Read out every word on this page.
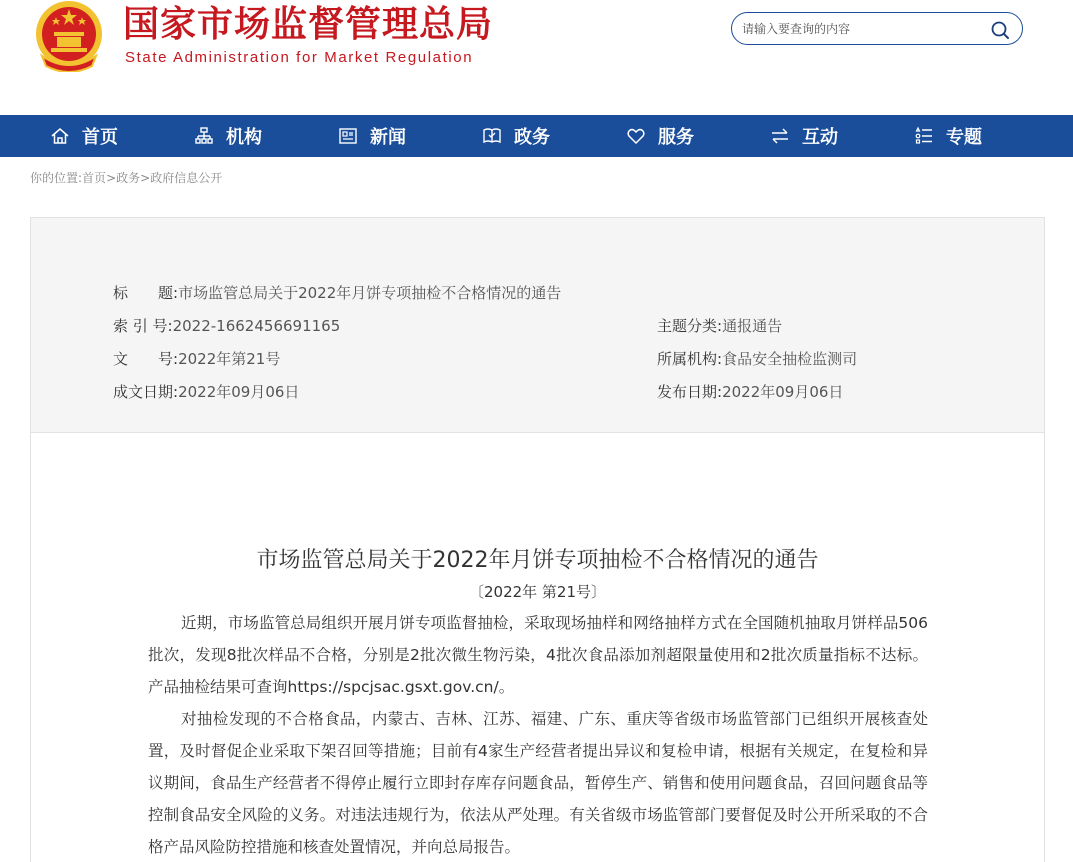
国家市场监督管理总局
State Administration for Market Regulation
请输入要查询的内容
首页	机构	新闻	政务	服务	互动	专题
你的位置:首页>政务>政府信息公开
标　　题:市场监管总局关于2022年月饼专项抽检不合格情况的通告
索 引 号:2022-1662456691165
文　　号:2022年第21号
成文日期:2022年09月06日
主题分类:通报通告
所属机构:食品安全抽检监测司
发布日期:2022年09月06日
市场监管总局关于2022年月饼专项抽检不合格情况的通告
〔2022年 第21号〕

近期，市场监管总局组织开展月饼专项监督抽检，采取现场抽样和网络抽样方式在全国随机抽取月饼样品506批次，发现8批次样品不合格，分别是2批次微生物污染，4批次食品添加剂超限量使用和2批次质量指标不达标。产品抽检结果可查询https://spcjsac.gsxt.gov.cn/。

对抽检发现的不合格食品，内蒙古、吉林、江苏、福建、广东、重庆等省级市场监管部门已组织开展核查处置，及时督促企业采取下架召回等措施；目前有4家生产经营者提出异议和复检申请，根据有关规定，在复检和异议期间，食品生产经营者不得停止履行立即封存库存问题食品，暂停生产、销售和使用问题食品，召回问题食品等控制食品安全风险的义务。对违法违规行为，依法从严处理。有关省级市场监管部门要督促及时公开所采取的不合格产品风险防控措施和核查处置情况，并向总局报告。
